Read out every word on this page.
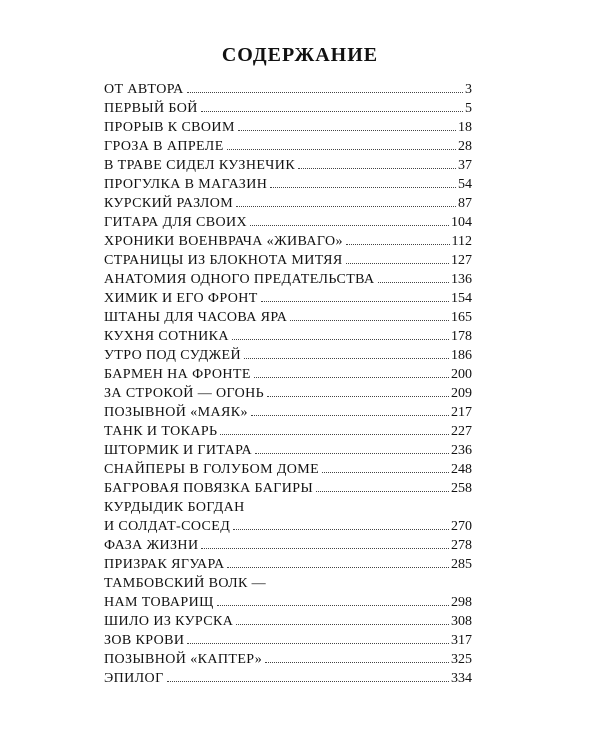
СОДЕРЖАНИЕ
ОТ АВТОРА	3
ПЕРВЫЙ БОЙ	5
ПРОРЫВ К СВОИМ	18
ГРОЗА В АПРЕЛЕ	28
В ТРАВЕ СИДЕЛ КУЗНЕЧИК	37
ПРОГУЛКА В МАГАЗИН	54
КУРСКИЙ РАЗЛОМ	87
ГИТАРА ДЛЯ СВОИХ	104
ХРОНИКИ ВОЕНВРАЧА «ЖИВАГО»	112
СТРАНИЦЫ ИЗ БЛОКНОТА МИТЯЯ	127
АНАТОМИЯ ОДНОГО ПРЕДАТЕЛЬСТВА	136
ХИМИК И ЕГО ФРОНТ	154
ШТАНЫ ДЛЯ ЧАСОВА ЯРА	165
КУХНЯ СОТНИКА	178
УТРО ПОД СУДЖЕЙ	186
БАРМЕН НА ФРОНТЕ	200
ЗА СТРОКОЙ — ОГОНЬ	209
ПОЗЫВНОЙ «МАЯК»	217
ТАНК И ТОКАРЬ	227
ШТОРМИК И ГИТАРА	236
СНАЙПЕРЫ В ГОЛУБОМ ДОМЕ	248
БАГРОВАЯ ПОВЯЗКА БАГИРЫ	258
КУРДЫДИК БОГДАН
И СОЛДАТ-СОСЕД	270
ФАЗА ЖИЗНИ	278
ПРИЗРАК ЯГУАРА	285
ТАМБОВСКИЙ ВОЛК —
НАМ ТОВАРИЩ	298
ШИЛО ИЗ КУРСКА	308
ЗОВ КРОВИ	317
ПОЗЫВНОЙ «КАПТЕР»	325
ЭПИЛОГ	334
